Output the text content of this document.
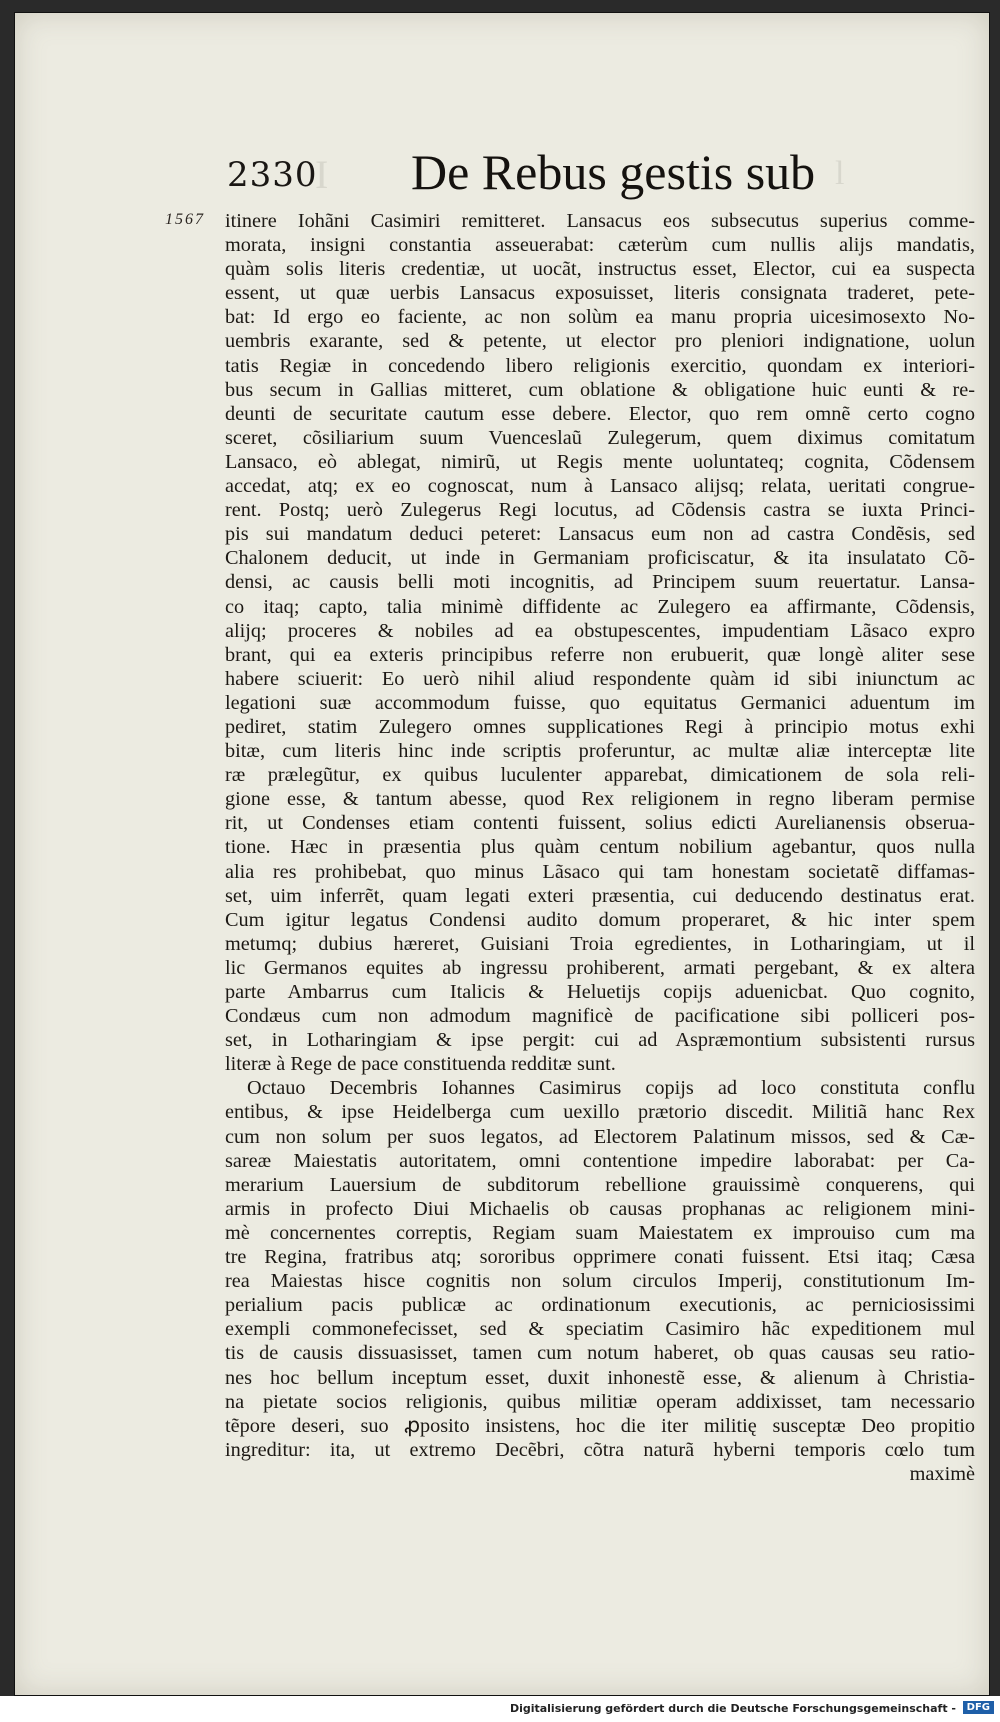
I
2330 De Rebus gestis sub l
1567 itinere Iohãni Casimiri remitteret. Lansacus eos subsecutus superius comme-
morata, insigni constantia asseuerabat: cæterùm cum nullis alijs mandatis,
quàm solis literis credentiæ, ut uocãt, instructus esset, Elector, cui ea suspecta
essent, ut quæ uerbis Lansacus exposuisset, literis consignata traderet, pete-
bat: Id ergo eo faciente, ac non solùm ea manu propria uicesimosexto No-
uembris exarante, sed & petente, ut elector pro pleniori indignatione, uolun
tatis Regiæ in concedendo libero religionis exercitio, quondam ex interiori-
bus secum in Gallias mitteret, cum oblatione & obligatione huic eunti & re-
deunti de securitate cautum esse debere. Elector, quo rem omnẽ certo cogno
sceret, cõsiliarium suum Vuenceslaũ Zulegerum, quem diximus comitatum
Lansaco, eò ablegat, nimirũ, ut Regis mente uoluntateq; cognita, Cõdensem
accedat, atq; ex eo cognoscat, num à Lansaco alijsq; relata, ueritati congrue-
rent. Postq; uerò Zulegerus Regi locutus, ad Cõdensis castra se iuxta Princi-
pis sui mandatum deduci peteret: Lansacus eum non ad castra Condẽsis, sed
Chalonem deducit, ut inde in Germaniam proficiscatur, & ita insulatato Cõ-
densi, ac causis belli moti incognitis, ad Principem suum reuertatur. Lansa-
co itaq; capto, talia minimè diffidente ac Zulegero ea affirmante, Cõdensis,
alijq; proceres & nobiles ad ea obstupescentes, impudentiam Lãsaco expro
brant, qui ea exteris principibus referre non erubuerit, quæ longè aliter sese
habere sciuerit: Eo uerò nihil aliud respondente quàm id sibi iniunctum ac
legationi suæ accommodum fuisse, quo equitatus Germanici aduentum im
pediret, statim Zulegero omnes supplicationes Regi à principio motus exhi
bitæ, cum literis hinc inde scriptis proferuntur, ac multæ aliæ interceptæ lite
ræ prælegũtur, ex quibus luculenter apparebat, dimicationem de sola reli-
gione esse, & tantum abesse, quod Rex religionem in regno liberam permise
rit, ut Condenses etiam contenti fuissent, solius edicti Aurelianensis obserua-
tione. Hæc in præsentia plus quàm centum nobilium agebantur, quos nulla
alia res prohibebat, quo minus Lãsaco qui tam honestam societatẽ diffamas-
set, uim inferrẽt, quam legati exteri præsentia, cui deducendo destinatus erat.
Cum igitur legatus Condensi audito domum properaret, & hic inter spem
metumq; dubius hæreret, Guisiani Troia egredientes, in Lotharingiam, ut il
lic Germanos equites ab ingressu prohiberent, armati pergebant, & ex altera
parte Ambarrus cum Italicis & Heluetijs copijs aduenicbat. Quo cognito,
Condæus cum non admodum magnificè de pacificatione sibi polliceri pos-
set, in Lotharingiam & ipse pergit: cui ad Aspræmontium subsistenti rursus
literæ à Rege de pace constituenda redditæ sunt.
Octauo Decembris Iohannes Casimirus copijs ad loco constituta conflu
entibus, & ipse Heidelberga cum uexillo prætorio discedit. Militiã hanc Rex
cum non solum per suos legatos, ad Electorem Palatinum missos, sed & Cæ-
sareæ Maiestatis autoritatem, omni contentione impedire laborabat: per Ca-
merarium Lauersium de subditorum rebellione grauissimè conquerens, qui
armis in profecto Diui Michaelis ob causas prophanas ac religionem mini-
mè concernentes correptis, Regiam suam Maiestatem ex improuiso cum ma
tre Regina, fratribus atq; sororibus opprimere conati fuissent. Etsi itaq; Cæsa
rea Maiestas hisce cognitis non solum circulos Imperij, constitutionum Im-
perialium pacis publicæ ac ordinationum executionis, ac perniciosissimi
exempli commonefecisset, sed & speciatim Casimiro hãc expeditionem mul
tis de causis dissuasisset, tamen cum notum haberet, ob quas causas seu ratio-
nes hoc bellum inceptum esset, duxit inhonestẽ esse, & alienum à Christia-
na pietate socios religionis, quibus militiæ operam addixisset, tam necessario
tẽpore deseri, suo ꝓposito insistens, hoc die iter militię susceptæ Deo propitio
ingreditur: ita, ut extremo Decẽbri, cõtra naturã hyberni temporis cœlo tum
maximè
Digitalisierung gefördert durch die Deutsche Forschungsgemeinschaft -	DFG
